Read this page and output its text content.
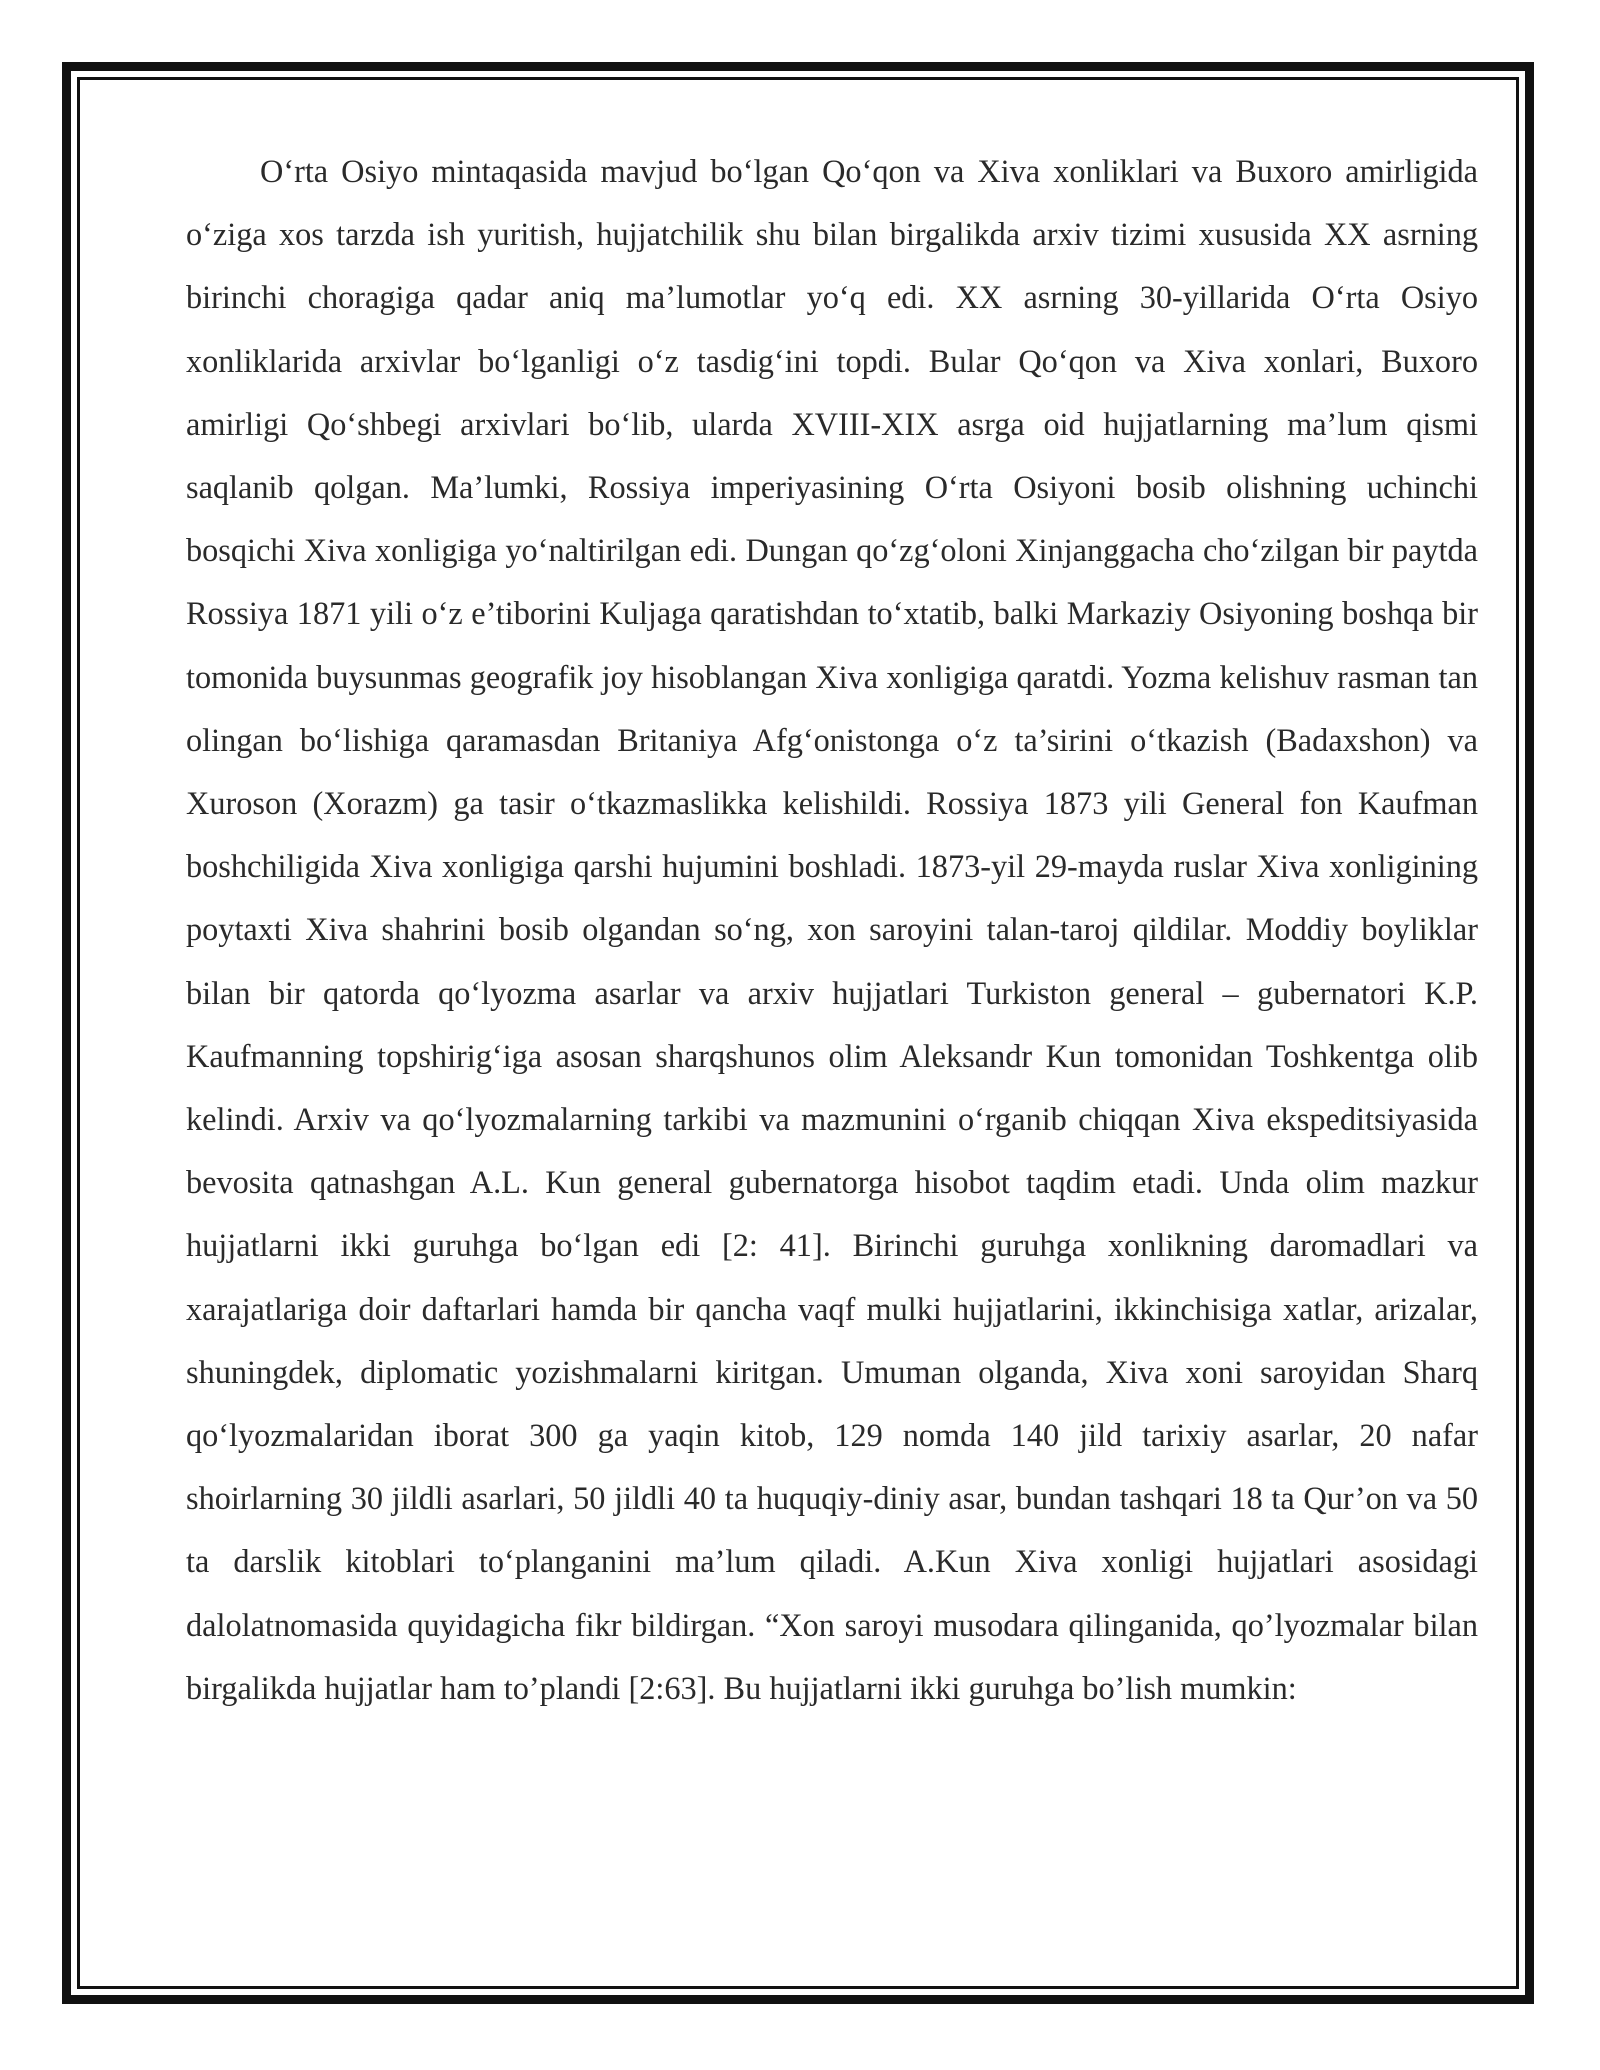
O‘rta Osiyo mintaqasida mavjud bo‘lgan Qo‘qon va Xiva xonliklari va Buxoro amirligida o‘ziga xos tarzda ish yuritish, hujjatchilik shu bilan birgalikda arxiv tizimi xususida XX asrning birinchi choragiga qadar aniq ma’lumotlar yo‘q edi. XX asrning 30-yillarida O‘rta Osiyo xonliklarida arxivlar bo‘lganligi o‘z tasdig‘ini topdi. Bular Qo‘qon va Xiva xonlari, Buxoro amirligi Qo‘shbegi arxivlari bo‘lib, ularda XVIII-XIX asrga oid hujjatlarning ma’lum qismi saqlanib qolgan. Ma’lumki, Rossiya imperiyasining O‘rta Osiyoni bosib olishning uchinchi bosqichi Xiva xonligiga yo‘naltirilgan edi. Dungan qo‘zg‘oloni Xinjanggacha cho‘zilgan bir paytda Rossiya 1871 yili o‘z e’tiborini Kuljaga qaratishdan to‘xtatib, balki Markaziy Osiyoning boshqa bir tomonida buysunmas geografik joy hisoblangan Xiva xonligiga qaratdi. Yozma kelishuv rasman tan olingan bo‘lishiga qaramasdan Britaniya Afg‘onistonga o‘z ta’sirini o‘tkazish (Badaxshon) va Xuroson (Xorazm) ga tasir o‘tkazmaslikka kelishildi. Rossiya 1873 yili General fon Kaufman boshchiligida Xiva xonligiga qarshi hujumini boshladi. 1873-yil 29-mayda ruslar Xiva xonligining poytaxti Xiva shahrini bosib olgandan so‘ng, xon saroyini talan-taroj qildilar. Moddiy boyliklar bilan bir qatorda qo‘lyozma asarlar va arxiv hujjatlari Turkiston general – gubernatori K.P. Kaufmanning topshirig‘iga asosan sharqshunos olim Aleksandr Kun tomonidan Toshkentga olib kelindi. Arxiv va qo‘lyozmalarning tarkibi va mazmunini o‘rganib chiqqan Xiva ekspeditsiyasida bevosita qatnashgan A.L. Kun general gubernatorga hisobot taqdim etadi. Unda olim mazkur hujjatlarni ikki guruhga bo‘lgan edi [2: 41]. Birinchi guruhga xonlikning daromadlari va xarajatlariga doir daftarlari hamda bir qancha vaqf mulki hujjatlarini, ikkinchisiga xatlar, arizalar, shuningdek, diplomatic yozishmalarni kiritgan. Umuman olganda, Xiva xoni saroyidan Sharq qo‘lyozmalaridan iborat 300 ga yaqin kitob, 129 nomda 140 jild tarixiy asarlar, 20 nafar shoirlarning 30 jildli asarlari, 50 jildli 40 ta huquqiy-diniy asar, bundan tashqari 18 ta Qur’on va 50 ta darslik kitoblari to‘planganini ma’lum qiladi. A.Kun Xiva xonligi hujjatlari asosidagi dalolatnomasida quyidagicha fikr bildirgan. “Xon saroyi musodara qilinganida, qo’lyozmalar bilan birgalikda hujjatlar ham to’plandi [2:63]. Bu hujjatlarni ikki guruhga bo’lish mumkin:
